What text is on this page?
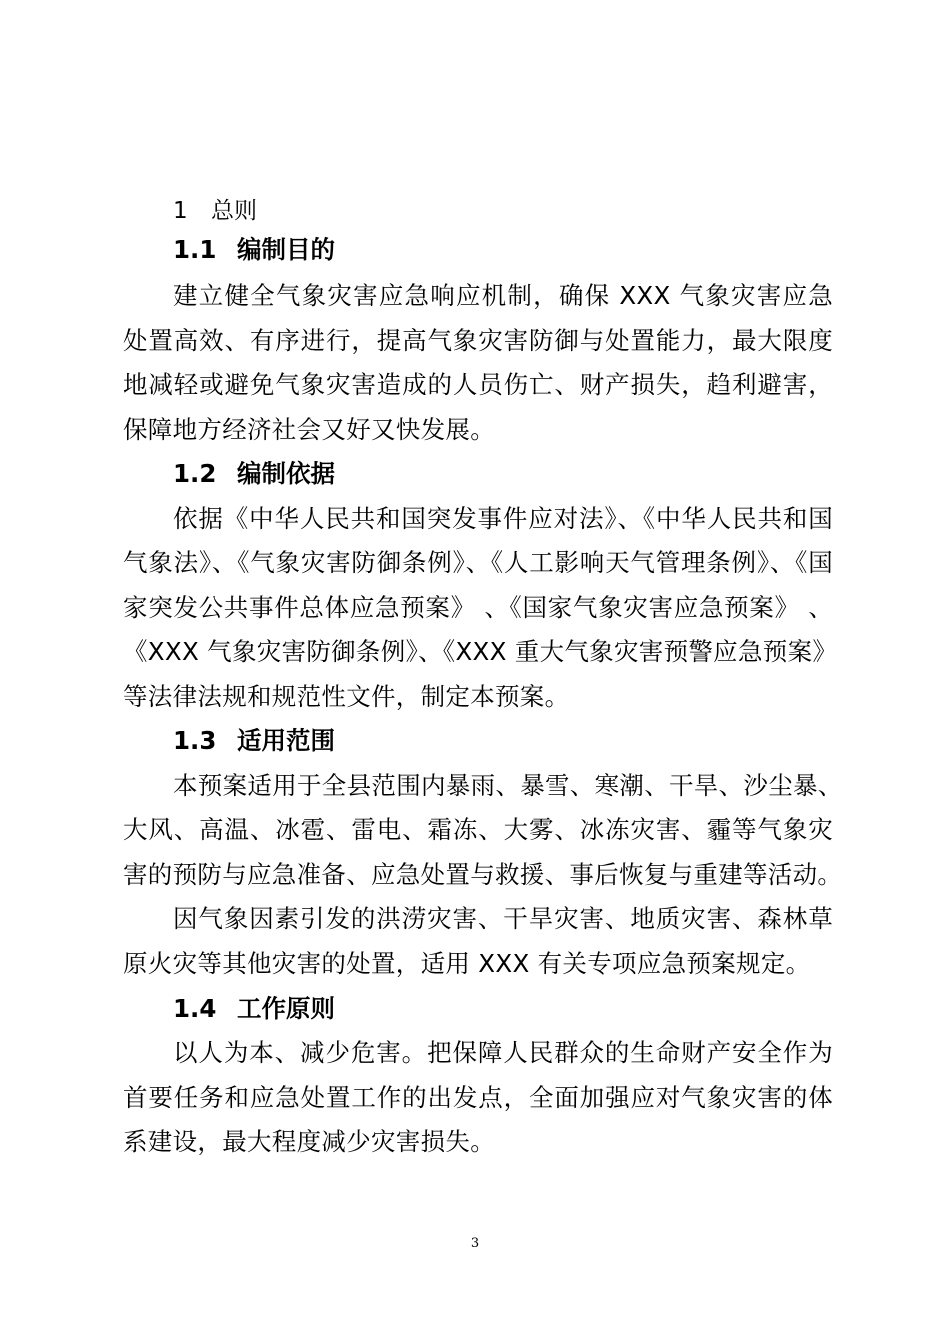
1 总则
1.1 编制目的
建立健全气象灾害应急响应机制，确保 XXX 气象灾害应急
处置高效、有序进行，提高气象灾害防御与处置能力，最大限度
地减轻或避免气象灾害造成的人员伤亡、财产损失，趋利避害，
保障地方经济社会又好又快发展。
1.2 编制依据
依据《中华人民共和国突发事件应对法》、《中华人民共和国
气象法》、《气象灾害防御条例》、《人工影响天气管理条例》、《国
家突发公共事件总体应急预案》 、《国家气象灾害应急预案》 、
《XXX 气象灾害防御条例》、《XXX 重大气象灾害预警应急预案》
等法律法规和规范性文件，制定本预案。
1.3 适用范围
本预案适用于全县范围内暴雨、暴雪、寒潮、干旱、沙尘暴、
大风、高温、冰雹、雷电、霜冻、大雾、冰冻灾害、霾等气象灾
害的预防与应急准备、应急处置与救援、事后恢复与重建等活动。
因气象因素引发的洪涝灾害、干旱灾害、地质灾害、森林草
原火灾等其他灾害的处置，适用 XXX 有关专项应急预案规定。
1.4 工作原则
以人为本、减少危害。把保障人民群众的生命财产安全作为
首要任务和应急处置工作的出发点，全面加强应对气象灾害的体
系建设，最大程度减少灾害损失。
3
